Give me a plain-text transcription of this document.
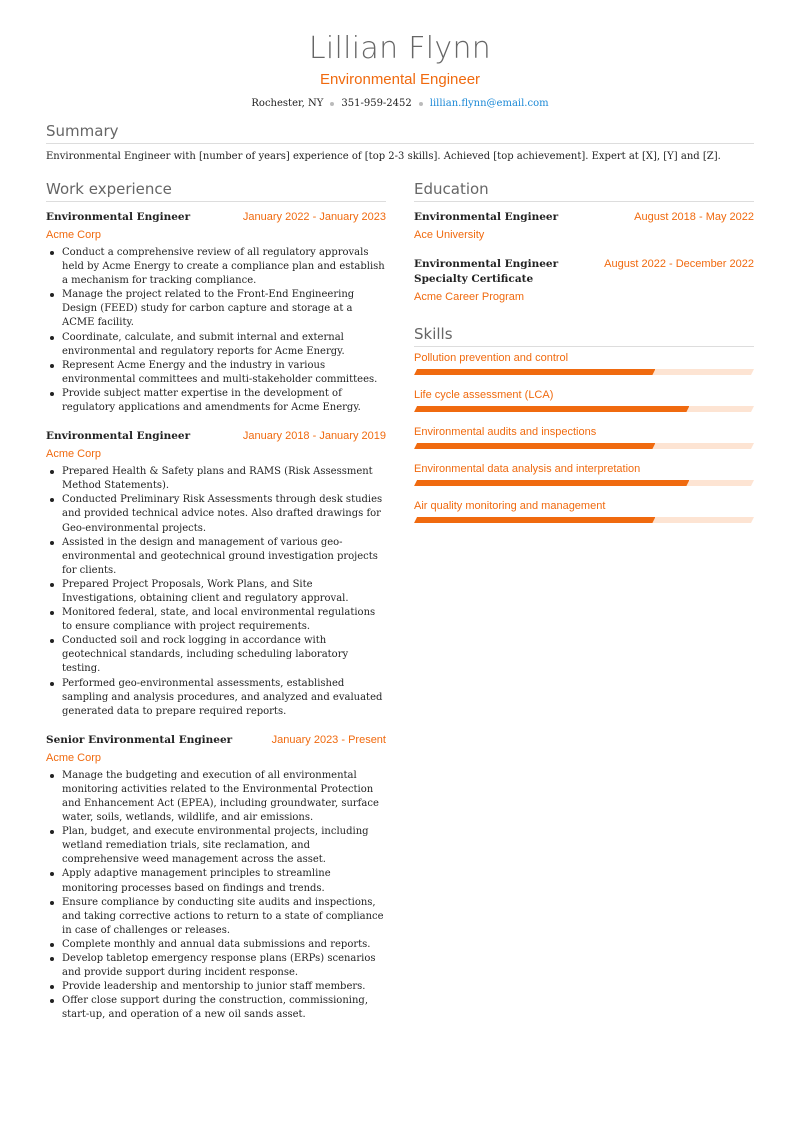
Lillian Flynn
Environmental Engineer
Rochester, NY 351-959-2452 lillian.flynn@email.com
Summary

Environmental Engineer with [number of years] experience of [top 2-3 skills]. Achieved [top achievement]. Expert at [X], [Y] and [Z].

Work experience
Environmental Engineer	January 2022 - January 2023
Acme Corp
Conduct a comprehensive review of all regulatory approvals held by Acme Energy to create a compliance plan and establish a mechanism for tracking compliance.
Manage the project related to the Front-End Engineering Design (FEED) study for carbon capture and storage at a ACME facility.
Coordinate, calculate, and submit internal and external environmental and regulatory reports for Acme Energy.
Represent Acme Energy and the industry in various environmental committees and multi-stakeholder committees.
Provide subject matter expertise in the development of regulatory applications and amendments for Acme Energy.
Environmental Engineer	January 2018 - January 2019
Acme Corp
Prepared Health & Safety plans and RAMS (Risk Assessment Method Statements).
Conducted Preliminary Risk Assessments through desk studies and provided technical advice notes. Also drafted drawings for Geo-environmental projects.
Assisted in the design and management of various geo-environmental and geotechnical ground investigation projects for clients.
Prepared Project Proposals, Work Plans, and Site Investigations, obtaining client and regulatory approval.
Monitored federal, state, and local environmental regulations to ensure compliance with project requirements.
Conducted soil and rock logging in accordance with geotechnical standards, including scheduling laboratory testing.
Performed geo-environmental assessments, established sampling and analysis procedures, and analyzed and evaluated generated data to prepare required reports.
Senior Environmental Engineer	January 2023 - Present
Acme Corp
Manage the budgeting and execution of all environmental monitoring activities related to the Environmental Protection and Enhancement Act (EPEA), including groundwater, surface water, soils, wetlands, wildlife, and air emissions.
Plan, budget, and execute environmental projects, including wetland remediation trials, site reclamation, and comprehensive weed management across the asset.
Apply adaptive management principles to streamline monitoring processes based on findings and trends.
Ensure compliance by conducting site audits and inspections, and taking corrective actions to return to a state of compliance in case of challenges or releases.
Complete monthly and annual data submissions and reports.
Develop tabletop emergency response plans (ERPs) scenarios and provide support during incident response.
Provide leadership and mentorship to junior staff members.
Offer close support during the construction, commissioning, start-up, and operation of a new oil sands asset.
Education
Environmental Engineer	August 2018 - May 2022
Ace University
Environmental Engineer Specialty Certificate
August 2022 - December 2022
Acme Career Program
Skills
Pollution prevention and control
Life cycle assessment (LCA)
Environmental audits and inspections
Environmental data analysis and interpretation
Air quality monitoring and management
